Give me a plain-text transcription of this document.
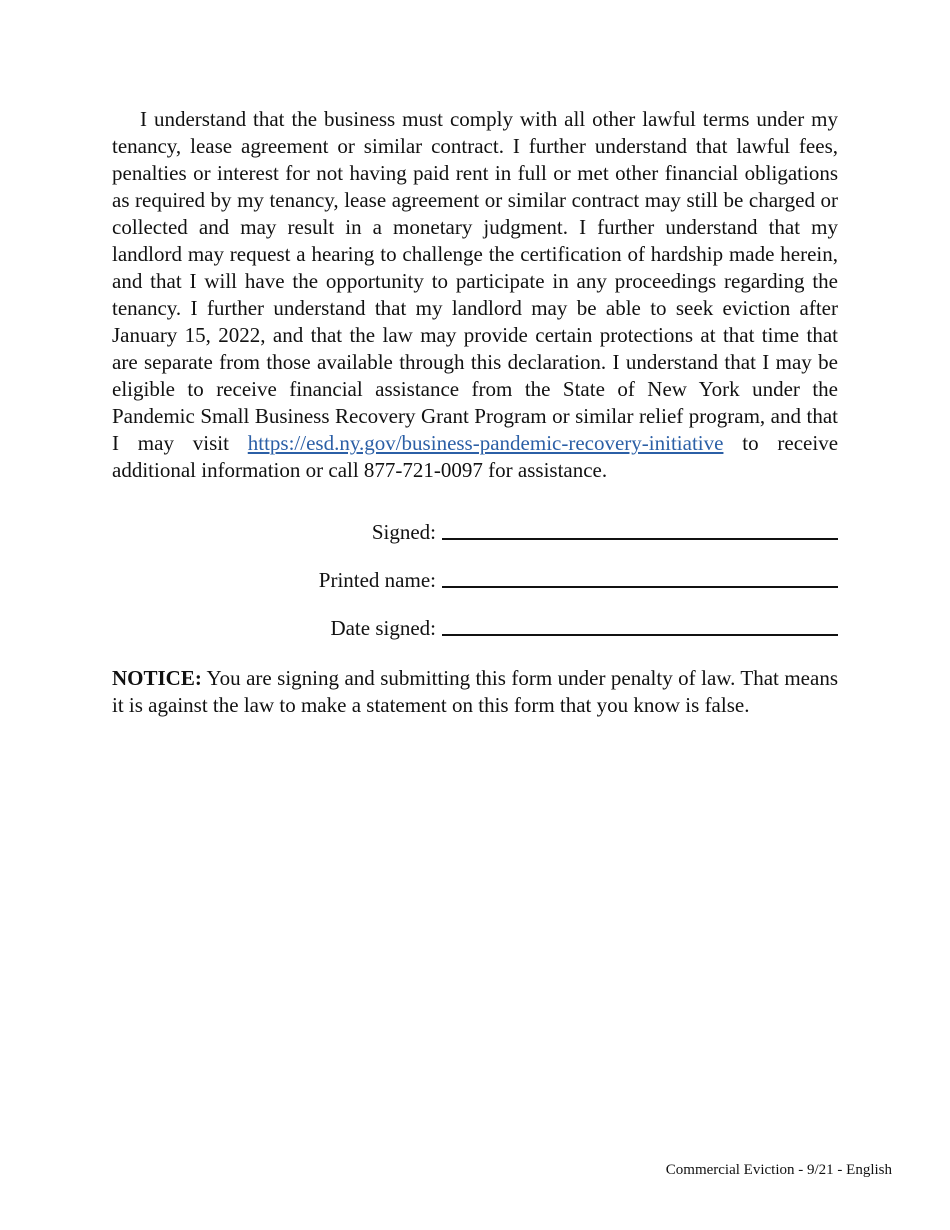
I understand that the business must comply with all other lawful terms under my tenancy, lease agreement or similar contract. I further understand that lawful fees, penalties or interest for not having paid rent in full or met other financial obligations as required by my tenancy, lease agreement or similar contract may still be charged or collected and may result in a monetary judgment. I further understand that my landlord may request a hearing to challenge the certification of hardship made herein, and that I will have the opportunity to participate in any proceedings regarding the tenancy. I further understand that my landlord may be able to seek eviction after January 15, 2022, and that the law may provide certain protections at that time that are separate from those available through this declaration. I understand that I may be eligible to receive financial assistance from the State of New York under the Pandemic Small Business Recovery Grant Program or similar relief program, and that I may visit https://esd.ny.gov/business-pandemic-recovery-initiative to receive additional information or call 877-721-0097 for assistance.

Signed:
Printed name:
Date signed:

NOTICE: You are signing and submitting this form under penalty of law. That means it is against the law to make a statement on this form that you know is false.

Commercial Eviction - 9/21 - English
